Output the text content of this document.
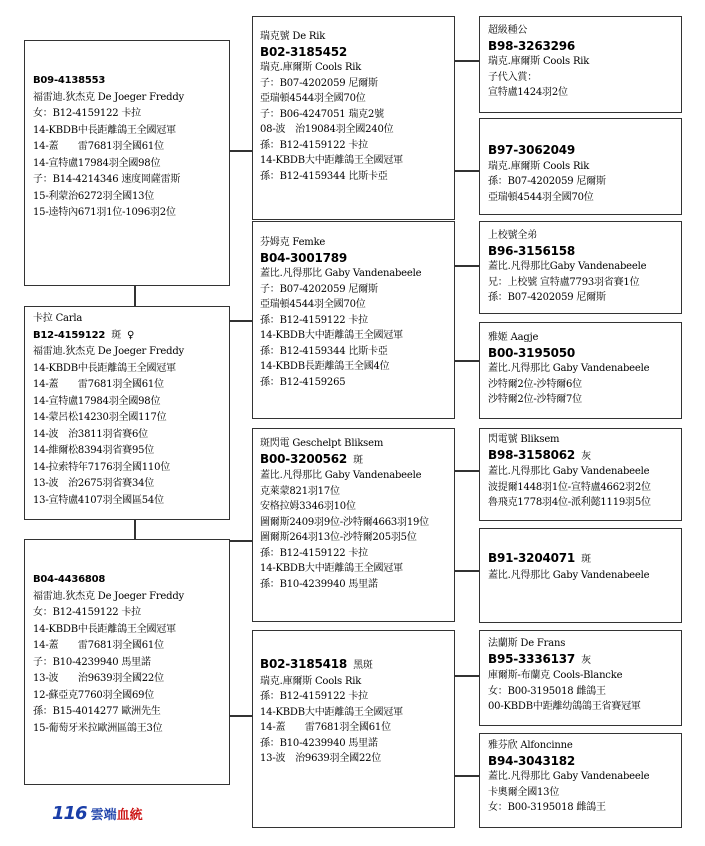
B09-4138553
福雷迪.狄杰克 De Joeger Freddy
女：B12-4159122 卡拉
14-KBDB中長距離鴿王全國冠軍
14-蓋　　雷7681羽全國61位
14-宣特盧17984羽全國98位
子：B14-4214346 速度岡薩雷斯
15-利蒙治6272羽全國13位
15-逵特內671羽1位-1096羽2位
卡拉 Carla
B12-4159122 斑 ♀
福雷迪.狄杰克 De Joeger Freddy
14-KBDB中長距離鴿王全國冠軍
14-蓋　　雷7681羽全國61位
14-宣特盧17984羽全國98位
14-蒙呂松14230羽全國117位
14-波　治3811羽省賽6位
14-維爾松8394羽省賽95位
14-拉索特年7176羽全國110位
13-波　治2675羽省賽34位
13-宣特盧4107羽全國區54位
B04-4436808
福雷迪.狄杰克 De Joeger Freddy
女：B12-4159122 卡拉
14-KBDB中長距離鴿王全國冠軍
14-蓋　　雷7681羽全國61位
子：B10-4239940 馬里諾
13-波　　治9639羽全國22位
12-蘇亞克7760羽全國69位
孫：B15-4014277 歐洲先生
15-葡萄牙米拉歐洲區鴿王3位
瑞克號 De Rik
B02-3185452
瑞克.庫爾斯 Cools Rik
子：B07-4202059 尼爾斯
亞瑞頓4544羽全國70位
子：B06-4247051 瑞克2號
08-波　治19084羽全國240位
孫：B12-4159122 卡拉
14-KBDB大中距離鴿王全國冠軍
孫：B12-4159344 比斯卡亞
芬姆克 Femke
B04-3001789
蓋比.凡得那比 Gaby Vandenabeele
子：B07-4202059 尼爾斯
亞瑞頓4544羽全國70位
孫：B12-4159122 卡拉
14-KBDB大中距離鴿王全國冠軍
孫：B12-4159344 比斯卡亞
14-KBDB長距離鴿王全國4位
孫：B12-4159265
斑閃電 Geschelpt Bliksem
B00-3200562 斑
蓋比.凡得那比 Gaby Vandenabeele
克萊蒙821羽17位
安格拉姆3346羽10位
圖爾斯2409羽9位-沙特爾4663羽19位
圖爾斯264羽13位-沙特爾205羽5位
孫：B12-4159122 卡拉
14-KBDB大中距離鴿王全國冠軍
孫：B10-4239940 馬里諾
B02-3185418 黑斑
瑞克.庫爾斯 Cools Rik
孫：B12-4159122 卡拉
14-KBDB大中距離鴿王全國冠軍
14-蓋　　雷7681羽全國61位
孫：B10-4239940 馬里諾
13-波　治9639羽全國22位
超級種公
B98-3263296
瑞克.庫爾斯 Cools Rik
子代入賞：
宣特盧1424羽2位
B97-3062049
瑞克.庫爾斯 Cools Rik
孫：B07-4202059 尼爾斯
亞瑞頓4544羽全國70位
上校號全弟
B96-3156158
蓋比.凡得那比Gaby Vandenabeele
兄：上校號 宣特盧7793羽省賽1位
孫：B07-4202059 尼爾斯
雅姬 Aagje
B00-3195050
蓋比.凡得那比 Gaby Vandenabeele
沙特爾2位-沙特爾6位
沙特爾2位-沙特爾7位
閃電號 Bliksem
B98-3158062 灰
蓋比.凡得那比 Gaby Vandenabeele
波提爾1448羽1位-宣特盧4662羽2位
魯飛克1778羽4位-派利懿1119羽5位
B91-3204071 斑
蓋比.凡得那比 Gaby Vandenabeele
法蘭斯 De Frans
B95-3336137 灰
庫爾斯-布蘭克 Cools-Blancke
女：B00-3195018 雌鴿王
00-KBDB中距離幼鴿鴿王省賽冠軍
雅芬欣 Alfoncinne
B94-3043182
蓋比.凡得那比 Gaby Vandenabeele
卡奧爾全國13位
女：B00-3195018 雌鴿王
116 雲端血統
